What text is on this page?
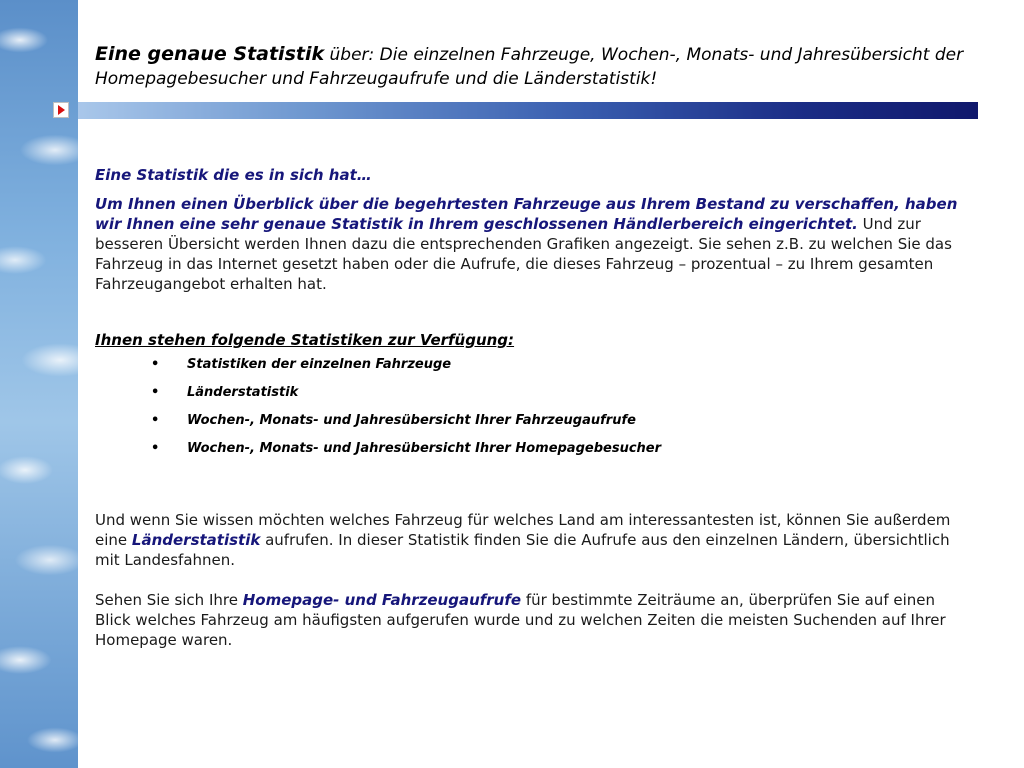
Eine genaue Statistik über: Die einzelnen Fahrzeuge, Wochen-, Monats- und Jahresübersicht der Homepagebesucher und Fahrzeugaufrufe und die Länderstatistik!

Eine Statistik die es in sich hat…

Um Ihnen einen Überblick über die begehrtesten Fahrzeuge aus Ihrem Bestand zu verschaffen, haben wir Ihnen eine sehr genaue Statistik in Ihrem geschlossenen Händlerbereich eingerichtet. Und zur besseren Übersicht werden Ihnen dazu die entsprechenden Grafiken angezeigt. Sie sehen z.B. zu welchen Sie das Fahrzeug in das Internet gesetzt haben oder die Aufrufe, die dieses Fahrzeug – prozentual – zu Ihrem gesamten Fahrzeugangebot erhalten hat.

Ihnen stehen folgende Statistiken zur Verfügung:

• Statistiken der einzelnen Fahrzeuge
• Länderstatistik
• Wochen-, Monats- und Jahresübersicht Ihrer Fahrzeugaufrufe
• Wochen-, Monats- und Jahresübersicht Ihrer Homepagebesucher

Und wenn Sie wissen möchten welches Fahrzeug für welches Land am interessantesten ist, können Sie außerdem eine Länderstatistik aufrufen. In dieser Statistik finden Sie die Aufrufe aus den einzelnen Ländern, übersichtlich mit Landesfahnen.

Sehen Sie sich Ihre Homepage- und Fahrzeugaufrufe für bestimmte Zeiträume an, überprüfen Sie auf einen Blick welches Fahrzeug am häufigsten aufgerufen wurde und zu welchen Zeiten die meisten Suchenden auf Ihrer Homepage waren.
